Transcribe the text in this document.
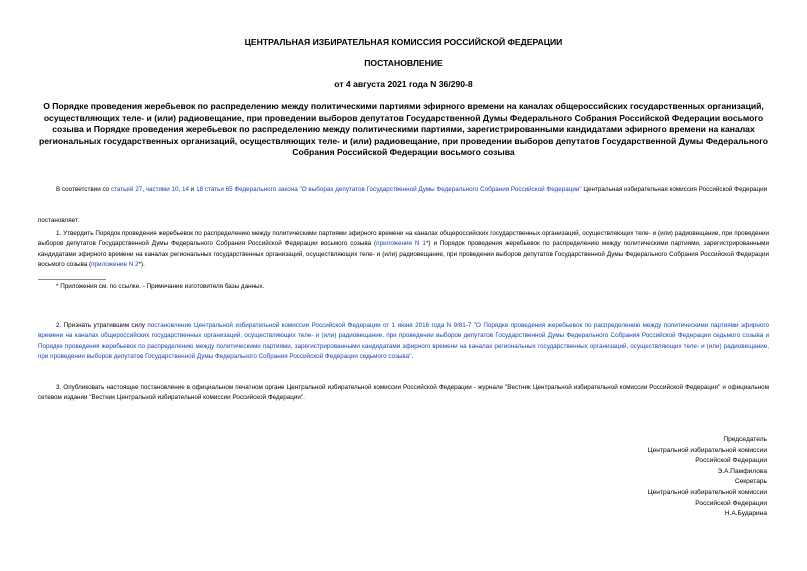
ЦЕНТРАЛЬНАЯ ИЗБИРАТЕЛЬНАЯ КОМИССИЯ РОССИЙСКОЙ ФЕДЕРАЦИИ
ПОСТАНОВЛЕНИЕ
от 4 августа 2021 года N 36/290-8
О Порядке проведения жеребьевок по распределению между политическими партиями эфирного времени на каналах общероссийских государственных организаций, осуществляющих теле- и (или) радиовещание, при проведении выборов депутатов Государственной Думы Федерального Собрания Российской Федерации восьмого созыва и Порядке проведения жеребьевок по распределению между политическими партиями, зарегистрированными кандидатами эфирного времени на каналах региональных государственных организаций, осуществляющих теле- и (или) радиовещание, при проведении выборов депутатов Государственной Думы Федерального Собрания Российской Федерации восьмого созыва
В соответствии со статьей 27, частями 10, 14 и 18 статьи 65 Федерального закона "О выборах депутатов Государственной Думы Федерального Собрания Российской Федерации" Центральная избирательная комиссия Российской Федерации
постановляет:
1. Утвердить Порядок проведения жеребьевок по распределению между политическими партиями эфирного времени на каналах общероссийских государственных организаций, осуществляющих теле- и (или) радиовещание, при проведении выборов депутатов Государственной Думы Федерального Собрания Российской Федерации восьмого созыва (приложение N 1*) и Порядок проведения жеребьевок по распределению между политическими партиями, зарегистрированными кандидатами эфирного времени на каналах региональных государственных организаций, осуществляющих теле- и (или) радиовещание, при проведении выборов депутатов Государственной Думы Федерального Собрания Российской Федерации восьмого созыва (приложение N 2*).
* Приложения см. по ссылке. - Примечание изготовителя базы данных.
2. Признать утратившим силу постановление Центральной избирательной комиссии Российской Федерации от 1 июня 2016 года N 9/81-7 "О Порядке проведения жеребьевок по распределению между политическими партиями эфирного времени на каналах общероссийских государственных организаций, осуществляющих теле- и (или) радиовещание, при проведении выборов депутатов Государственной Думы Федерального Собрания Российской Федерации седьмого созыва и Порядке проведения жеребьевок по распределению между политическими партиями, зарегистрированными кандидатами эфирного времени на каналах региональных государственных организаций, осуществляющих теле- и (или) радиовещание, при проведении выборов депутатов Государственной Думы Федерального Собрания Российской Федерации седьмого созыва".
3. Опубликовать настоящее постановление в официальном печатном органе Центральной избирательной комиссии Российской Федерации - журнале "Вестник Центральной избирательной комиссии Российской Федерации" и официальном сетевом издании "Вестник Центральной избирательной комиссии Российской Федерации".
Председатель
Центральной избирательной комиссии
Российской Федерации
Э.А.Памфилова
Секретарь
Центральной избирательной комиссии
Российской Федерации
Н.А.Бударина
